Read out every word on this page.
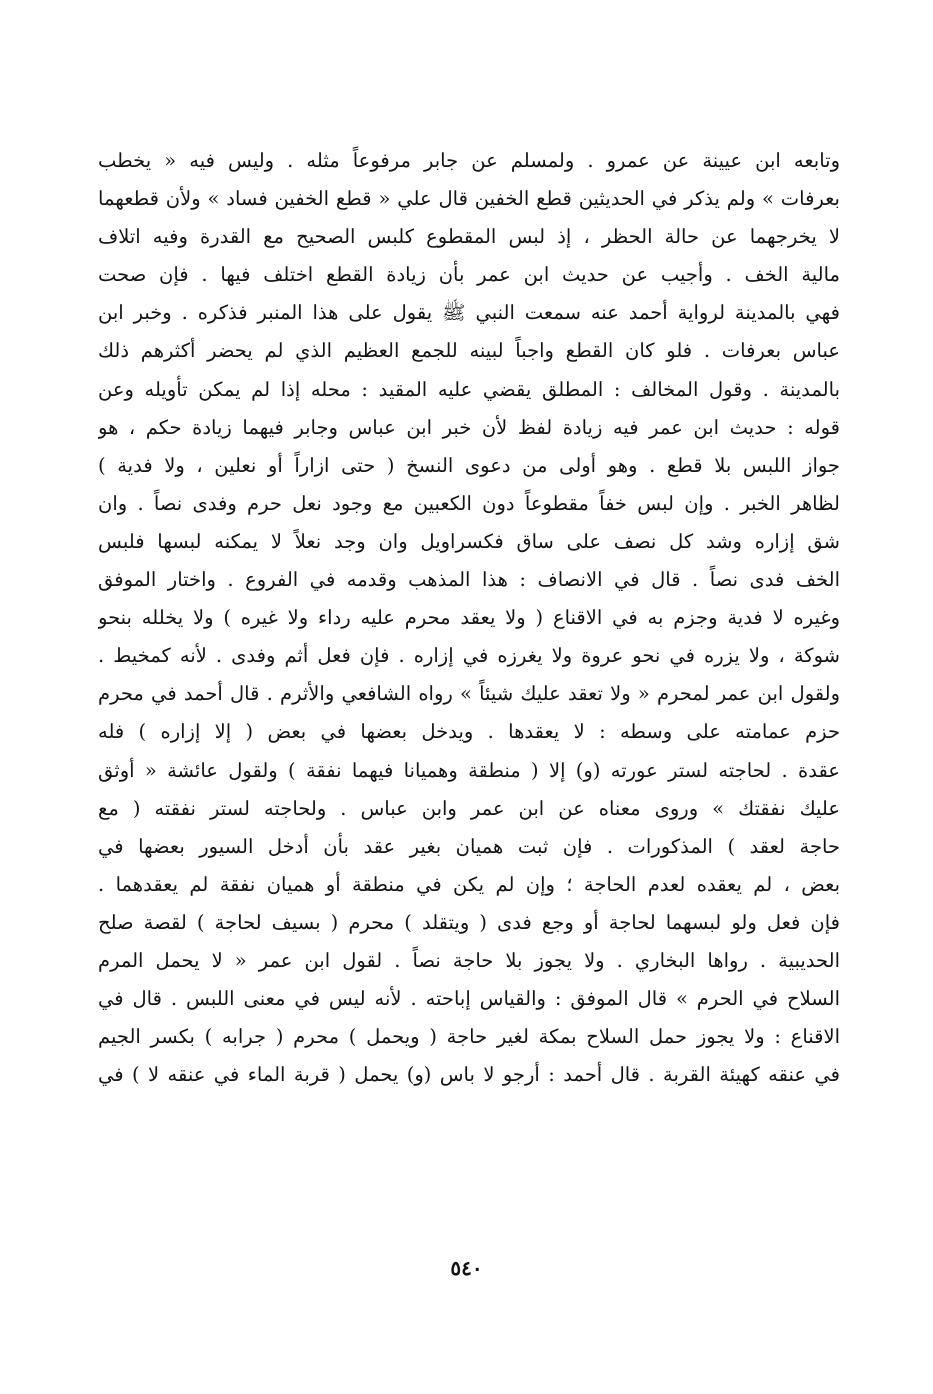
وتابعه ابن عيينة عن عمرو . ولمسلم عن جابر مرفوعاً مثله . وليس فيه « يخطب
بعرفات » ولم يذكر في الحديثين قطع الخفين قال علي « قطع الخفين فساد » ولأن قطعهما
لا يخرجهما عن حالة الحظر ، إذ لبس المقطوع كلبس الصحيح مع القدرة وفيه اتلاف
مالية الخف . وأجيب عن حديث ابن عمر بأن زيادة القطع اختلف فيها . فإن صحت
فهي بالمدينة لرواية أحمد عنه سمعت النبي ﷺ يقول على هذا المنبر فذكره . وخبر ابن
عباس بعرفات . فلو كان القطع واجباً لبينه للجمع العظيم الذي لم يحضر أكثرهم ذلك
بالمدينة . وقول المخالف : المطلق يقضي عليه المقيد : محله إذا لم يمكن تأويله وعن
قوله : حديث ابن عمر فيه زيادة لفظ لأن خبر ابن عباس وجابر فيهما زيادة حكم ، هو
جواز اللبس بلا قطع . وهو أولى من دعوى النسخ ( حتى ازاراً أو نعلين ، ولا فدية )
لظاهر الخبر . وإن لبس خفاً مقطوعاً دون الكعبين مع وجود نعل حرم وفدى نصاً . وان
شق إزاره وشد كل نصف على ساق فكسراويل وان وجد نعلاً لا يمكنه لبسها فلبس
الخف فدى نصاً . قال في الانصاف : هذا المذهب وقدمه في الفروع . واختار الموفق
وغيره لا فدية وجزم به في الاقناع ( ولا يعقد محرم عليه رداء ولا غيره ) ولا يخلله بنحو
شوكة ، ولا يزره في نحو عروة ولا يغرزه في إزاره . فإن فعل أثم وفدى . لأنه كمخيط .
ولقول ابن عمر لمحرم « ولا تعقد عليك شيئاً » رواه الشافعي والأثرم . قال أحمد في محرم
حزم عمامته على وسطه : لا يعقدها . ويدخل بعضها في بعض ( إلا إزاره ) فله
عقدة . لحاجته لستر عورته (و) إلا ( منطقة وهميانا فيهما نفقة ) ولقول عائشة « أوثق
عليك نفقتك » وروى معناه عن ابن عمر وابن عباس . ولحاجته لستر نفقته ( مع
حاجة لعقد ) المذكورات . فإن ثبت هميان بغير عقد بأن أدخل السيور بعضها في
بعض ، لم يعقده لعدم الحاجة ؛ وإن لم يكن في منطقة أو هميان نفقة لم يعقدهما .
فإن فعل ولو لبسهما لحاجة أو وجع فدى ( ويتقلد ) محرم ( بسيف لحاجة ) لقصة صلح
الحديبية . رواها البخاري . ولا يجوز بلا حاجة نصاً . لقول ابن عمر « لا يحمل المرم
السلاح في الحرم » قال الموفق : والقياس إباحته . لأنه ليس في معنى اللبس . قال في
الاقناع : ولا يجوز حمل السلاح بمكة لغير حاجة ( ويحمل ) محرم ( جرابه ) بكسر الجيم
في عنقه كهيئة القربة . قال أحمد : أرجو لا باس (و) يحمل ( قربة الماء في عنقه لا ) في
٥٤٠
